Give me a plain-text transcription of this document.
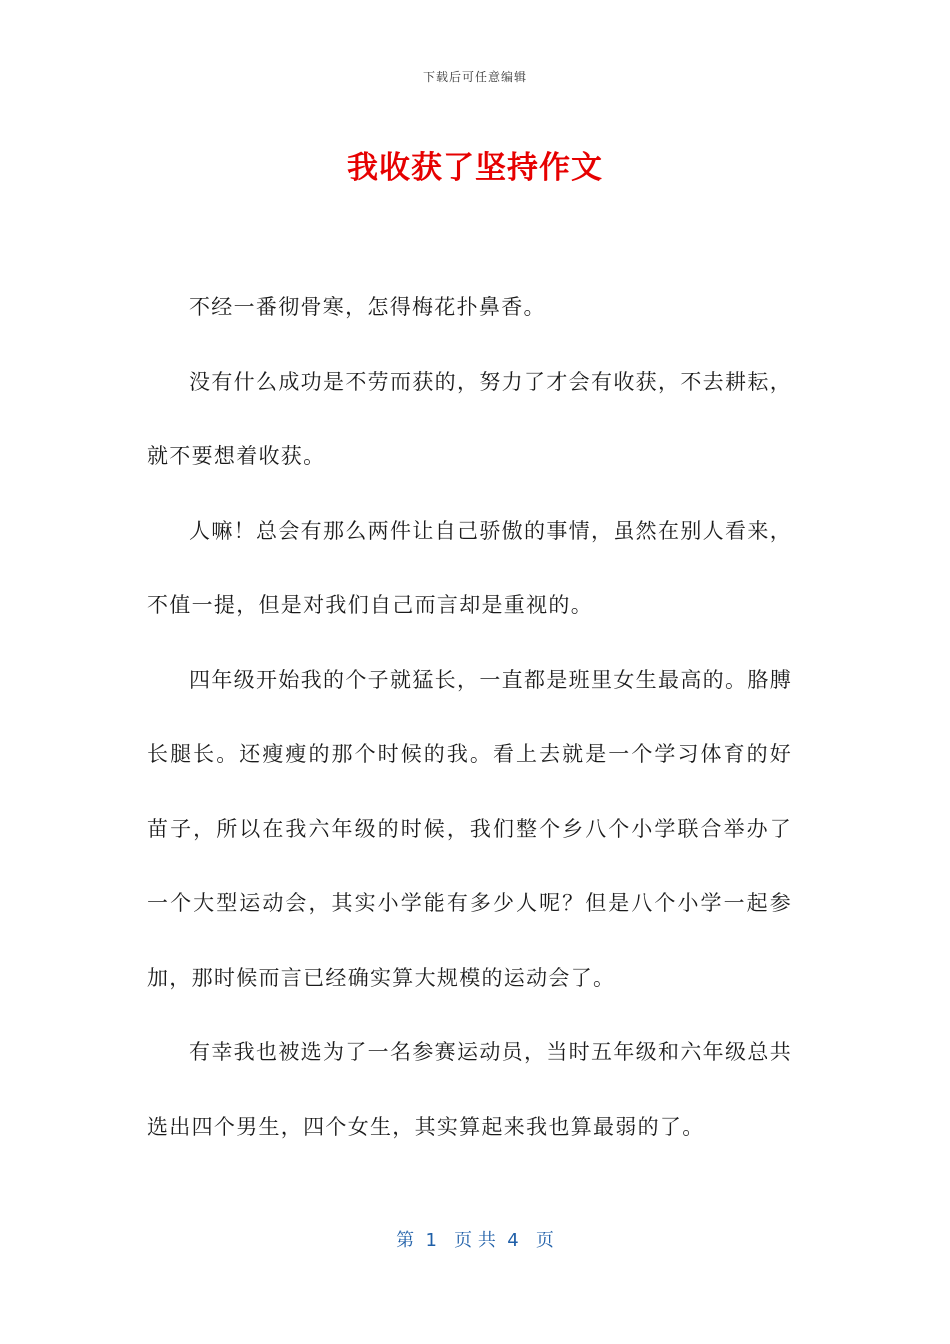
下载后可任意编辑
我收获了坚持作文

不经一番彻骨寒，怎得梅花扑鼻香。

没有什么成功是不劳而获的，努力了才会有收获，不去耕耘，就不要想着收获。

人嘛！总会有那么两件让自己骄傲的事情，虽然在别人看来，不值一提，但是对我们自己而言却是重视的。

四年级开始我的个子就猛长，一直都是班里女生最高的。胳膊长腿长。还瘦瘦的那个时候的我。看上去就是一个学习体育的好苗子，所以在我六年级的时候，我们整个乡八个小学联合举办了一个大型运动会，其实小学能有多少人呢？但是八个小学一起参加，那时候而言已经确实算大规模的运动会了。

有幸我也被选为了一名参赛运动员，当时五年级和六年级总共选出四个男生，四个女生，其实算起来我也算最弱的了。

第  1   页 共  4   页
